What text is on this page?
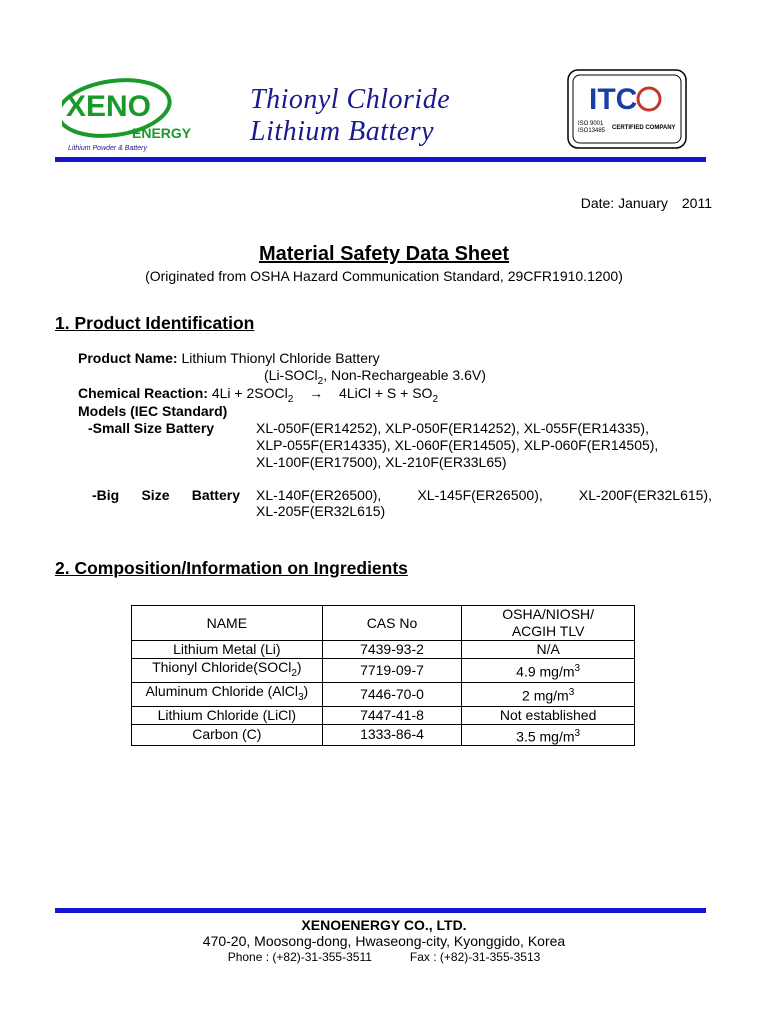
XENO
ENERGY
Lithium Powder & Battery
Thionyl Chloride
Lithium Battery
ITC
ISO 9001
ISO13485 CERTIFIED COMPANY
Date: January 2011
Material Safety Data Sheet
(Originated from OSHA Hazard Communication Standard, 29CFR1910.1200)
1. Product Identification
Product Name: Lithium Thionyl Chloride Battery
(Li-SOCl$_2$, Non-Rechargeable 3.6V)
Chemical Reaction: 4Li + 2SOCl$_2$ → 4LiCl + $S + SO_2$
Models (IEC Standard)
-Small Size Battery	XL-050F(ER14252), XLP-050F(ER14252), XL-055F(ER14335),
XLP-055F(ER14335), XL-060F(ER14505), XLP-060F(ER14505),
XL-100F(ER17500), XL-210F(ER33L65)
-Big Size Battery XL-140F(ER26500),	XL-145F(ER26500),	XL-200F(ER32L615),
XL-205F(ER32L615)
2. Composition/Information on Ingredients
NAME	CAS No	OSHA/NIOSH/
ACGIH TLV
Lithium Metal (Li)	7439-93-2	N/A
Thionyl Chloride(SOCl$_2$)	7719-09-7	4.9 $mg/m^3$
Aluminum Chloride (AlCl$_3$)	7446-70-0	2 $mg/m^3$
Lithium Chloride (LiCl)	7447-41-8	Not established
Carbon (C)	1333-86-4	3.5 $mg/m^3$
XENOENERGY CO., LTD.
470-20, Moosong-dong, Hwaseong-city, Kyonggido, Korea
Phone : (+82)-31-355-3511	Fax : (+82)-31-355-3513
